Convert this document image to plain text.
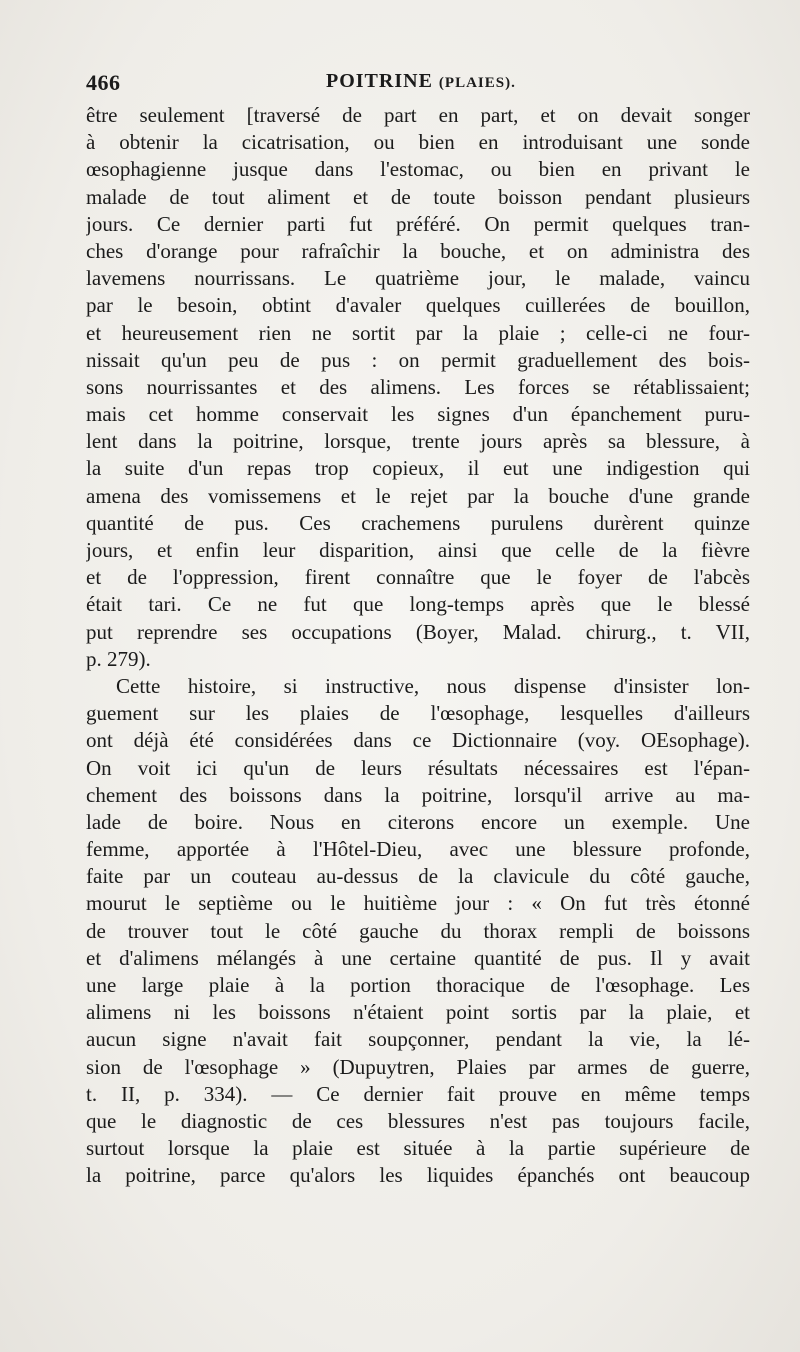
466	POITRINE (PLAIES).
être seulement [traversé de part en part, et on devait songer
à obtenir la cicatrisation, ou bien en introduisant une sonde
œsophagienne jusque dans l'estomac, ou bien en privant le
malade de tout aliment et de toute boisson pendant plusieurs
jours. Ce dernier parti fut préféré. On permit quelques tran-
ches d'orange pour rafraîchir la bouche, et on administra des
lavemens nourrissans. Le quatrième jour, le malade, vaincu
par le besoin, obtint d'avaler quelques cuillerées de bouillon,
et heureusement rien ne sortit par la plaie ; celle-ci ne four-
nissait qu'un peu de pus : on permit graduellement des bois-
sons nourrissantes et des alimens. Les forces se rétablissaient;
mais cet homme conservait les signes d'un épanchement puru-
lent dans la poitrine, lorsque, trente jours après sa blessure, à
la suite d'un repas trop copieux, il eut une indigestion qui
amena des vomissemens et le rejet par la bouche d'une grande
quantité de pus. Ces crachemens purulens durèrent quinze
jours, et enfin leur disparition, ainsi que celle de la fièvre
et de l'oppression, firent connaître que le foyer de l'abcès
était tari. Ce ne fut que long-temps après que le blessé
put reprendre ses occupations (Boyer, Malad. chirurg., t. VII,
p. 279).
Cette histoire, si instructive, nous dispense d'insister lon-
guement sur les plaies de l'œsophage, lesquelles d'ailleurs
ont déjà été considérées dans ce Dictionnaire (voy. OEsophage).
On voit ici qu'un de leurs résultats nécessaires est l'épan-
chement des boissons dans la poitrine, lorsqu'il arrive au ma-
lade de boire. Nous en citerons encore un exemple. Une
femme, apportée à l'Hôtel-Dieu, avec une blessure profonde,
faite par un couteau au-dessus de la clavicule du côté gauche,
mourut le septième ou le huitième jour : « On fut très étonné
de trouver tout le côté gauche du thorax rempli de boissons
et d'alimens mélangés à une certaine quantité de pus. Il y avait
une large plaie à la portion thoracique de l'œsophage. Les
alimens ni les boissons n'étaient point sortis par la plaie, et
aucun signe n'avait fait soupçonner, pendant la vie, la lé-
sion de l'œsophage » (Dupuytren, Plaies par armes de guerre,
t. II, p. 334). — Ce dernier fait prouve en même temps
que le diagnostic de ces blessures n'est pas toujours facile,
surtout lorsque la plaie est située à la partie supérieure de
la poitrine, parce qu'alors les liquides épanchés ont beaucoup
